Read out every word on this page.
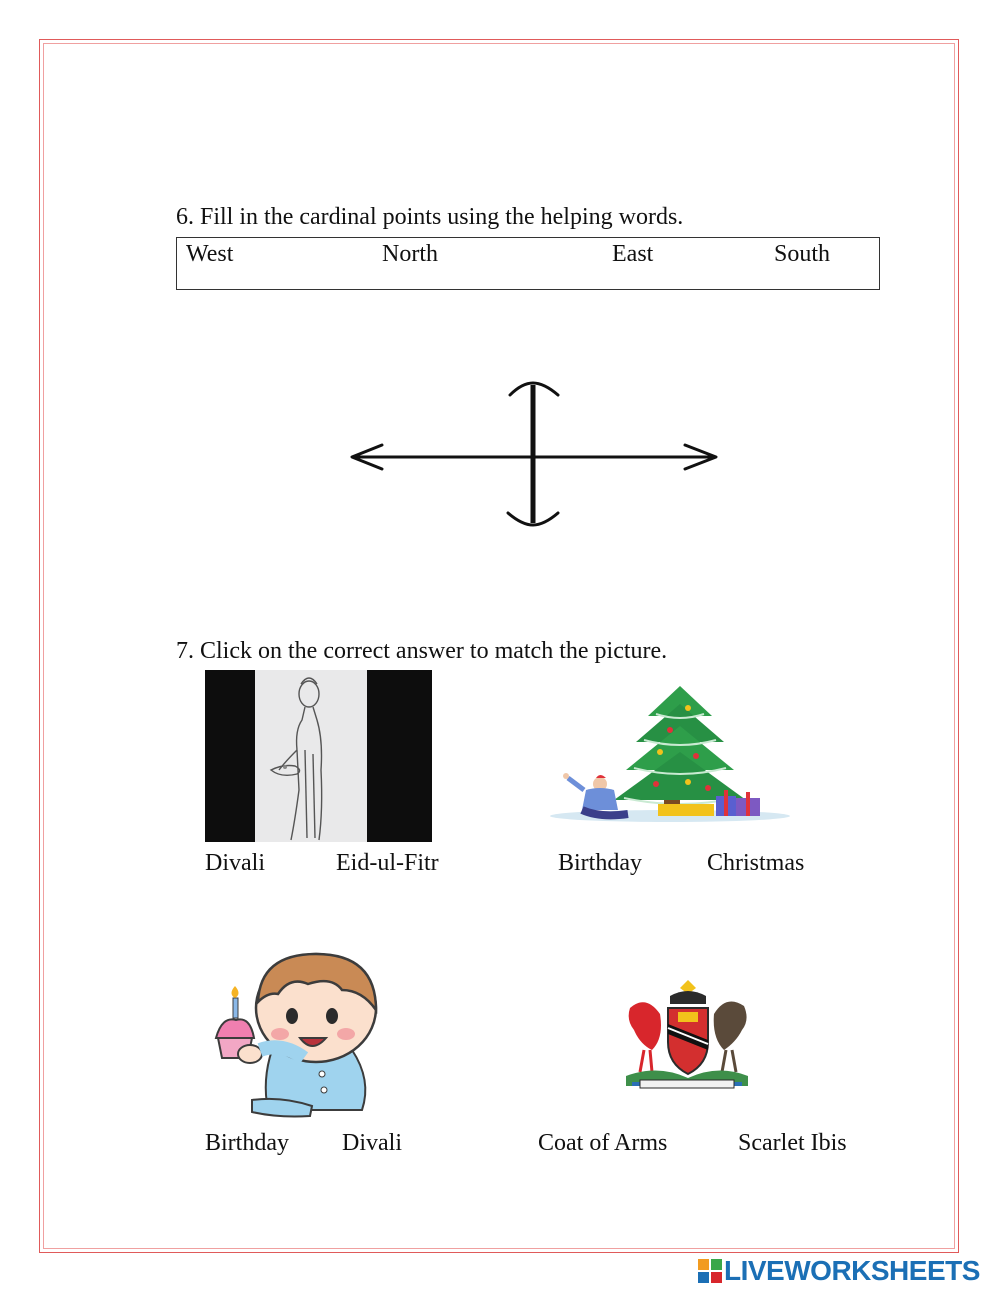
6. Fill in the cardinal points using the helping words.
West	North	East	South
7. Click on the correct answer to match the picture.
Divali	Eid-ul-Fitr	Birthday	Christmas
Birthday Divali	Coat of Arms	Scarlet Ibis
LIVEWORKSHEETS
